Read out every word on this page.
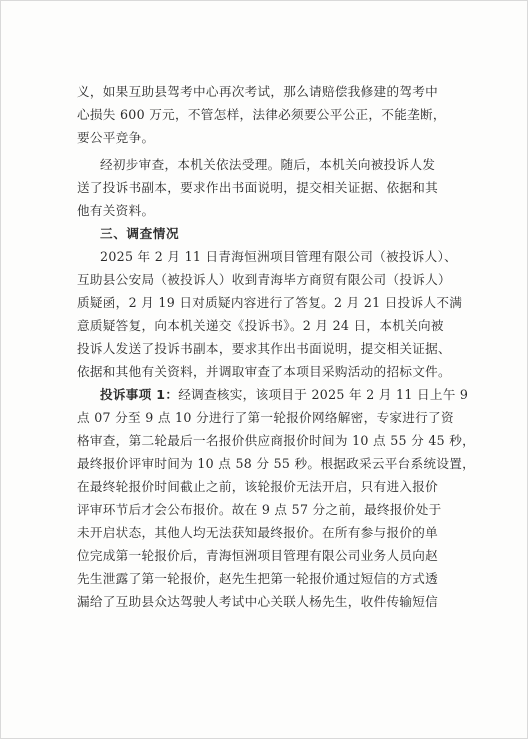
义，如果互助县驾考中心再次考试，那么请赔偿我修建的驾考中
心损失 600 万元，不管怎样，法律必须要公平公正，不能垄断，
要公平竞争。
经初步审查，本机关依法受理。随后，本机关向被投诉人发
送了投诉书副本，要求作出书面说明，提交相关证据、依据和其
他有关资料。
三、调查情况
2025 年 2 月 11 日青海恒洲项目管理有限公司（被投诉人）、
互助县公安局（被投诉人）收到青海毕方商贸有限公司（投诉人）
质疑函，2 月 19 日对质疑内容进行了答复。2 月 21 日投诉人不满
意质疑答复，向本机关递交《投诉书》。2 月 24 日，本机关向被
投诉人发送了投诉书副本，要求其作出书面说明，提交相关证据、
依据和其他有关资料，并调取审查了本项目采购活动的招标文件。
投诉事项 1：经调查核实，该项目于 2025 年 2 月 11 日上午 9
点 07 分至 9 点 10 分进行了第一轮报价网络解密，专家进行了资
格审查，第二轮最后一名报价供应商报价时间为 10 点 55 分 45 秒，
最终报价评审时间为 10 点 58 分 55 秒。根据政采云平台系统设置，
在最终轮报价时间截止之前，该轮报价无法开启，只有进入报价
评审环节后才会公布报价。故在 9 点 57 分之前，最终报价处于
未开启状态，其他人均无法获知最终报价。在所有参与报价的单
位完成第一轮报价后，青海恒洲项目管理有限公司业务人员向赵
先生泄露了第一轮报价，赵先生把第一轮报价通过短信的方式透
漏给了互助县众达驾驶人考试中心关联人杨先生，收件传输短信
